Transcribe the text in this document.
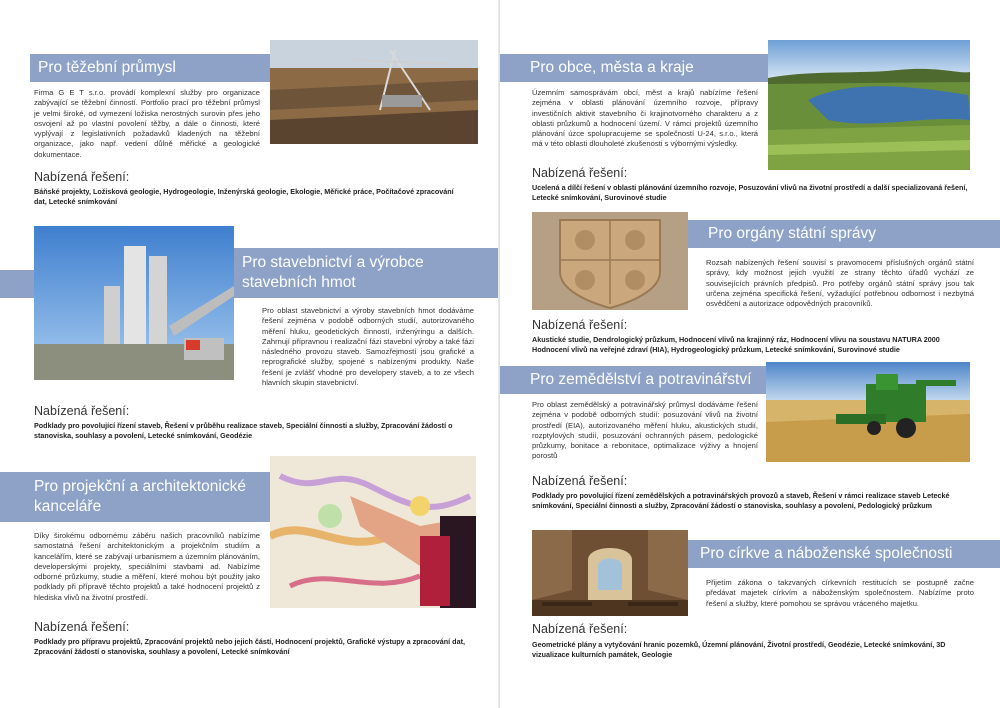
Pro těžební průmysl

Firma G E T s.r.o. provádí komplexní služby pro organizace zabývající se těžební činností. Portfolio prací pro těžební průmysl je velmi široké, od vymezení ložiska nerostných surovin přes jeho osvojení až po vlastní povolení těžby, a dále o činnosti, které vyplývají z legislativních požadavků kladených na těžební organizace, jako např. vedení důlně měřické a geologické dokumentace.

Nabízená řešení:

Báňské projekty, Ložisková geologie, Hydrogeologie, Inženýrská geologie, Ekologie, Měřické práce, Počítačové zpracování dat, Letecké snímkování

Pro stavebnictví a výrobce stavebních hmot

Pro oblast stavebnictví a výroby stavebních hmot dodáváme řešení zejména v podobě odborných studií, autorizovaného měření hluku, geodetických činností, inženýringu a dalších. Zahrnují přípravnou i realizační fázi stavební výroby a také fázi následného provozu staveb. Samozřejmostí jsou grafické a reprografické služby, spojené s nabízenými produkty. Naše řešení je zvlášť vhodné pro developery staveb, a to ze všech hlavních skupin stavebnictví.

Nabízená řešení:

Podklady pro povolující řízení staveb, Řešení v průběhu realizace staveb, Speciální činnosti a služby, Zpracování žádostí o stanoviska, souhlasy a povolení, Letecké snímkování, Geodézie

Pro projekční a architektonické kanceláře

Díky širokému odbornému záběru našich pracovníků nabízíme samostatná řešení architektonickým a projekčním studiím a kancelářím, které se zabývají urbanismem a územním plánováním, developerskými projekty, speciálními stavbami ad. Nabízíme odborné průzkumy, studie a měření, které mohou být použity jako podklady při přípravě těchto projektů a také hodnocení projektů z hlediska vlivů na životní prostředí.

Nabízená řešení:

Podklady pro přípravu projektů, Zpracování projektů nebo jejich částí, Hodnocení projektů, Grafické výstupy a zpracování dat, Zpracování žádostí o stanoviska, souhlasy a povolení, Letecké snímkování

Pro obce, města a kraje

Územním samosprávám obcí, měst a krajů nabízíme řešení zejména v oblasti plánování územního rozvoje, přípravy investičních aktivit stavebního či krajinotvorného charakteru a z oblasti průzkumů a hodnocení území. V rámci projektů územního plánování úzce spolupracujeme se společností U-24, s.r.o., která má v této oblasti dlouholeté zkušenosti s výbornými výsledky.

Nabízená řešení:

Ucelená a dílčí řešení v oblasti plánování územního rozvoje, Posuzování vlivů na životní prostředí a další specializovaná řešení, Letecké snímkování, Surovinové studie

Pro orgány státní správy

Rozsah nabízených řešení souvisí s pravomocemi příslušných orgánů státní správy, kdy možnost jejich využití ze strany těchto úřadů vychází ze souvisejících právních předpisů. Pro potřeby orgánů státní správy jsou tak určena zejména specifická řešení, vyžadující potřebnou odbornost i nezbytná osvědčení a autorizace odpovědných pracovníků.

Nabízená řešení:

Akustické studie, Dendrologický průzkum, Hodnocení vlivů na krajinný ráz, Hodnocení vlivu na soustavu NATURA 2000 Hodnocení vlivů na veřejné zdraví (HIA), Hydrogeologický průzkum, Letecké snímkování, Surovinové studie

Pro zemědělství a potravinářství

Pro oblast zemědělský a potravinářský průmysl dodáváme řešení zejména v podobě odborných studií: posuzování vlivů na životní prostředí (EIA), autorizovaného měření hluku, akustických studií, rozptylových studií, posuzování ochranných pásem, pedologické průzkumy, bonitace a rebonitace, optimalizace výživy a hnojení porostů

Nabízená řešení:

Podklady pro povolující řízení zemědělských a potravinářských provozů a staveb, Řešení v rámci realizace staveb Letecké snímkování, Speciální činnosti a služby, Zpracování žádostí o stanoviska, souhlasy a povolení, Pedologický průzkum

Pro církve a náboženské společnosti

Přijetím zákona o takzvaných církevních restitucích se postupně začne předávat majetek církvím a náboženským společnostem. Nabízíme proto řešení a služby, které pomohou se správou vráceného majetku.

Nabízená řešení:

Geometrické plány a vytyčování hranic pozemků, Územní plánování, Životní prostředí, Geodézie, Letecké snímkování, 3D vizualizace kulturních památek, Geologie
